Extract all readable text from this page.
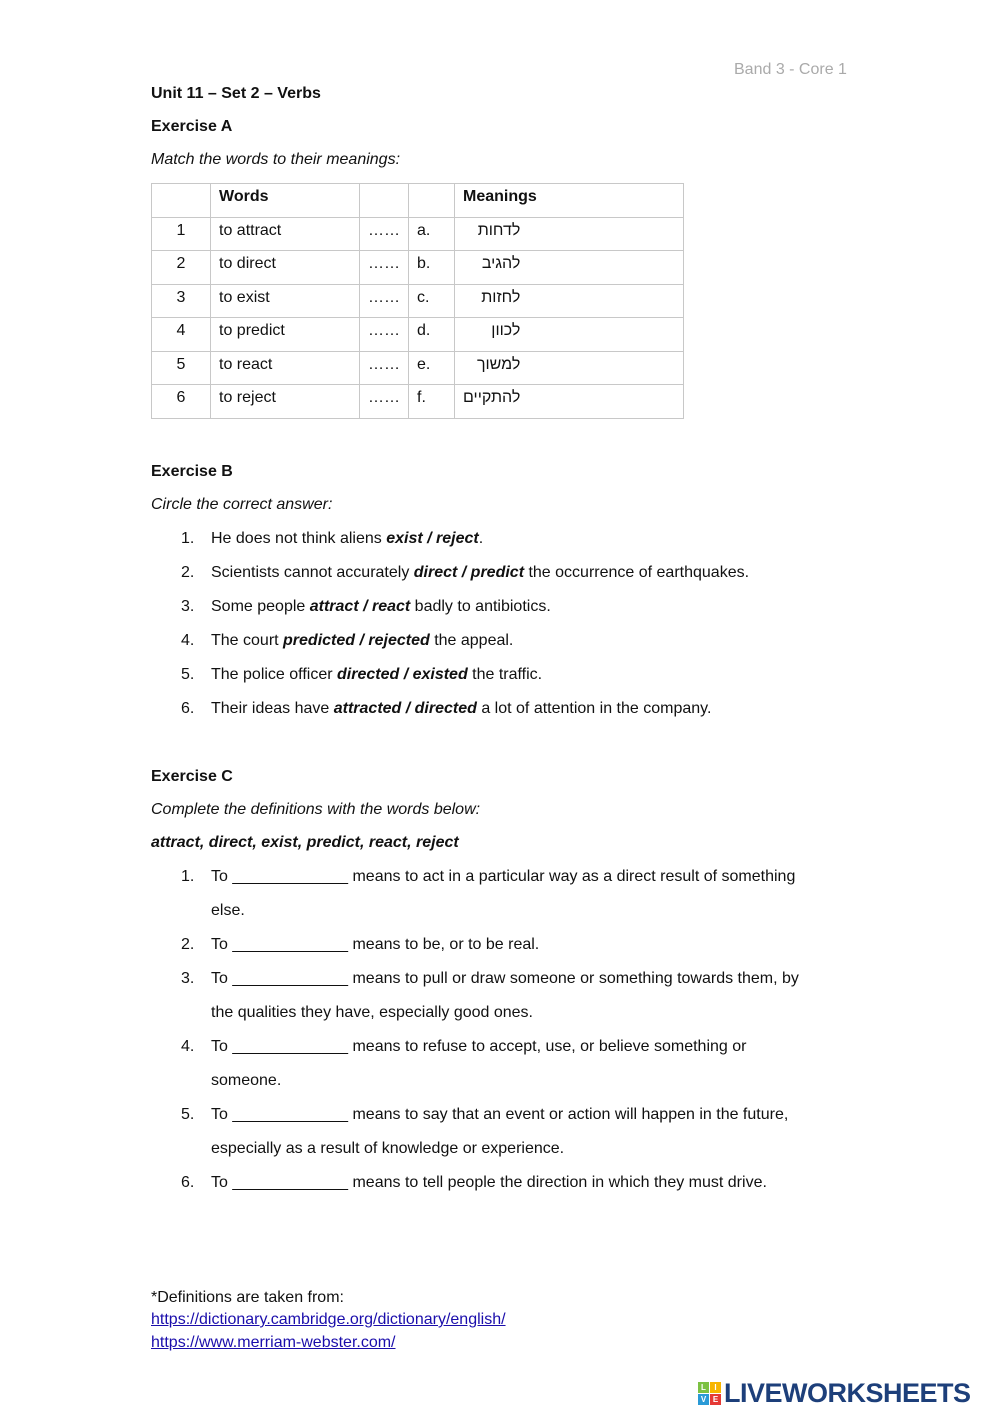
Band 3 - Core 1
Unit 11 – Set 2 – Verbs
Exercise A
Match the words to their meanings:
	Words			Meanings
1	to attract	……	a.	לדחות
2	to direct	……	b.	להגיב
3	to exist	……	c.	לחזות
4	to predict	……	d.	לכוון
5	to react	……	e.	למשוך
6	to reject	……	f.	להתקיים
Exercise B
Circle the correct answer:
1. He does not think aliens exist / reject.
2. Scientists cannot accurately direct / predict the occurrence of earthquakes.
3. Some people attract / react badly to antibiotics.
4. The court predicted / rejected the appeal.
5. The police officer directed / existed the traffic.
6. Their ideas have attracted / directed a lot of attention in the company.
Exercise C
Complete the definitions with the words below:
attract, direct, exist, predict, react, reject
1. To _____________ means to act in a particular way as a direct result of something
else.
2. To _____________ means to be, or to be real.
3. To _____________ means to pull or draw someone or something towards them, by
the qualities they have, especially good ones.
4. To _____________ means to refuse to accept, use, or believe something or
someone.
5. To _____________ means to say that an event or action will happen in the future,
especially as a result of knowledge or experience.
6. To _____________ means to tell people the direction in which they must drive.
*Definitions are taken from:
https://dictionary.cambridge.org/dictionary/english/
https://www.merriam-webster.com/
L	I
V E LIVEWORKSHEETS
